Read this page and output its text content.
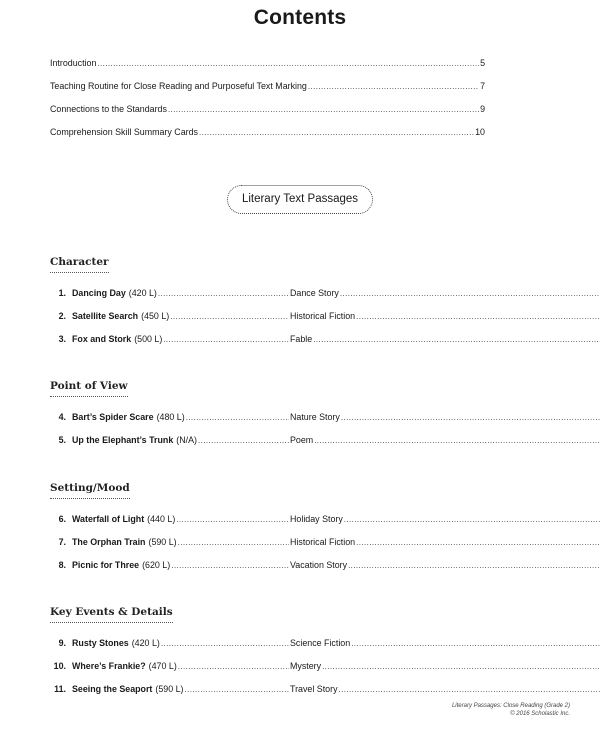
Contents
Introduction .....	5
Teaching Routine for Close Reading and Purposeful Text Marking .....	7
Connections to the Standards .....	9
Comprehension Skill Summary Cards .....	10
Literary Text Passages
Character
1. Dancing Day (420 L) .....	Dance Story
.....
2. Satellite Search (450 L) .....	Historical Fiction
.....
3. Fox and Stork (500 L) .....	Fable
.....
Point of View
4. Bart’s Spider Scare (480 L) .....	Nature Story
.....
5. Up the Elephant’s Trunk (N/A) .....	Poem
.....
Setting/Mood
6. Waterfall of Light (440 L) .....	Holiday Story
.....
7. The Orphan Train (590 L) .....	Historical Fiction
.....
8. Picnic for Three (620 L) .....	Vacation Story
.....
Key Events & Details
9. Rusty Stones (420 L) .....	Science Fiction
.....
10. Where’s Frankie? (470 L) .....	Mystery
.....
11. Seeing the Seaport (590 L) .....	Travel Story
.....
Literary Passages: Close Reading (Grade 2)
© 2016 Scholastic Inc.
